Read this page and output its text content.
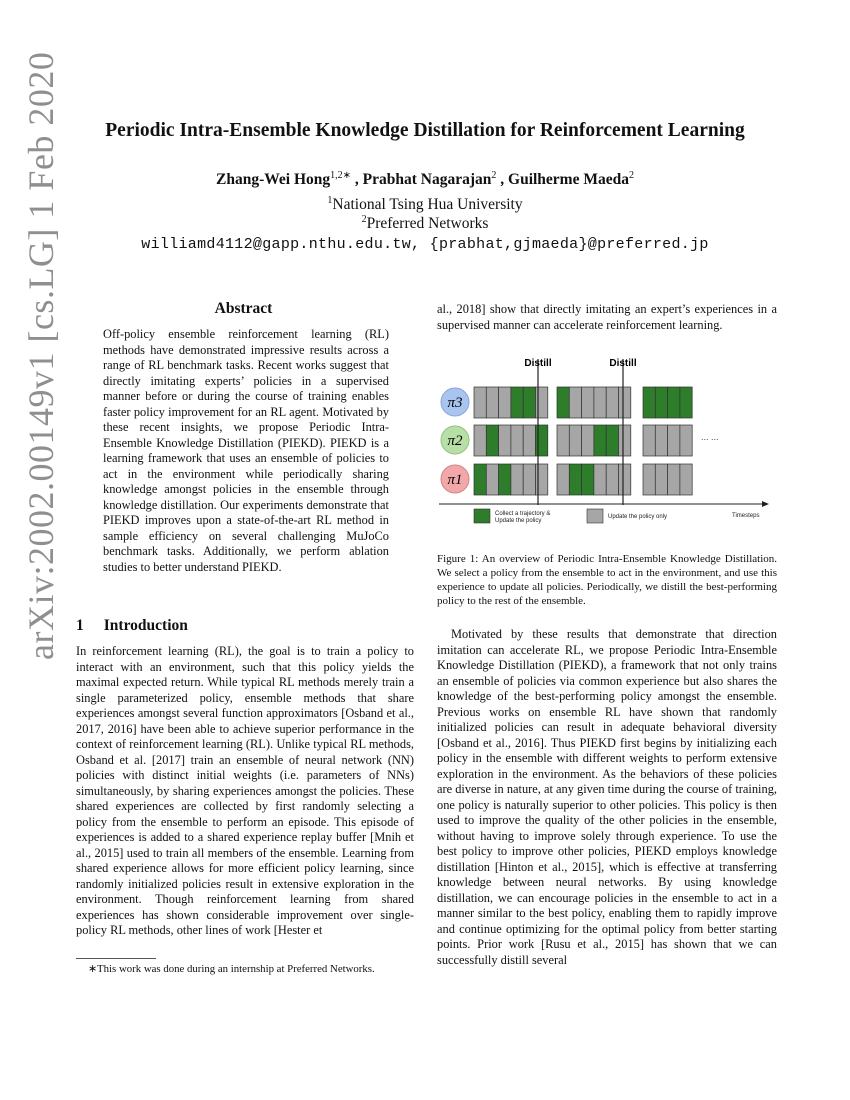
arXiv:2002.00149v1 [cs.LG] 1 Feb 2020	Periodic Intra-Ensemble Knowledge Distillation for Reinforcement Learning
Zhang-Wei Hong$^{1,2∗}$ , Prabhat Nagarajan$^2$ , Guilherme Maeda$^2$
$^1$National Tsing Hua University
$^2$Preferred Networks
williamd4112@gapp.nthu.edu.tw, {prabhat,gjmaeda}@preferred.jp
Abstract

Off-policy ensemble reinforcement learning (RL) methods have demonstrated impressive results across a range of RL benchmark tasks. Recent works suggest that directly imitating experts’ policies in a supervised manner before or during the course of training enables faster policy improvement for an RL agent. Motivated by these recent insights, we propose Periodic Intra-Ensemble Knowledge Distillation (PIEKD). PIEKD is a learning framework that uses an ensemble of policies to act in the environment while periodically sharing knowledge amongst policies in the ensemble through knowledge distillation. Our experiments demonstrate that PIEKD improves upon a state-of-the-art RL method in sample efficiency on several challenging MuJoCo benchmark tasks. Additionally, we perform ablation studies to better understand PIEKD.

1 Introduction

In reinforcement learning (RL), the goal is to train a policy to interact with an environment, such that this policy yields the maximal expected return. While typical RL methods merely train a single parameterized policy, ensemble methods that share experiences amongst several function approximators [Osband et al., 2017, 2016] have been able to achieve superior performance in the context of reinforcement learning (RL). Unlike typical RL methods, Osband et al. [2017] train an ensemble of neural network (NN) policies with distinct initial weights (i.e. parameters of NNs) simultaneously, by sharing experiences amongst the policies. These shared experiences are collected by first randomly selecting a policy from the ensemble to perform an episode. This episode of experiences is added to a shared experience replay buffer [Mnih et al., 2015] used to train all members of the ensemble. Learning from shared experience allows for more efficient policy learning, since randomly initialized policies result in extensive exploration in the environment. Though reinforcement learning from shared experiences has shown considerable improvement over single-policy RL methods, other lines of work [Hester et

∗This work was done during an internship at Preferred Networks.

al., 2018] show that directly imitating an expert’s experiences in a supervised manner can accelerate reinforcement learning.

Distill	Distill
π3
π2
π1
... ...
Collect a trajectory & Update the policy
Update the policy only	Timesteps

Figure 1: An overview of Periodic Intra-Ensemble Knowledge Distillation. We select a policy from the ensemble to act in the environment, and use this experience to update all policies. Periodically, we distill the best-performing policy to the rest of the ensemble.

Motivated by these results that demonstrate that direction imitation can accelerate RL, we propose Periodic Intra-Ensemble Knowledge Distillation (PIEKD), a framework that not only trains an ensemble of policies via common experience but also shares the knowledge of the best-performing policy amongst the ensemble. Previous works on ensemble RL have shown that randomly initialized policies can result in adequate behavioral diversity [Osband et al., 2016]. Thus PIEKD first begins by initializing each policy in the ensemble with different weights to perform extensive exploration in the environment. As the behaviors of these policies are diverse in nature, at any given time during the course of training, one policy is naturally superior to other policies. This policy is then used to improve the quality of the other policies in the ensemble, without having to improve solely through experience. To use the best policy to improve other policies, PIEKD employs knowledge distillation [Hinton et al., 2015], which is effective at transferring knowledge between neural networks. By using knowledge distillation, we can encourage policies in the ensemble to act in a manner similar to the best policy, enabling them to rapidly improve and continue optimizing for the optimal policy from better starting points. Prior work [Rusu et al., 2015] has shown that we can successfully distill several
